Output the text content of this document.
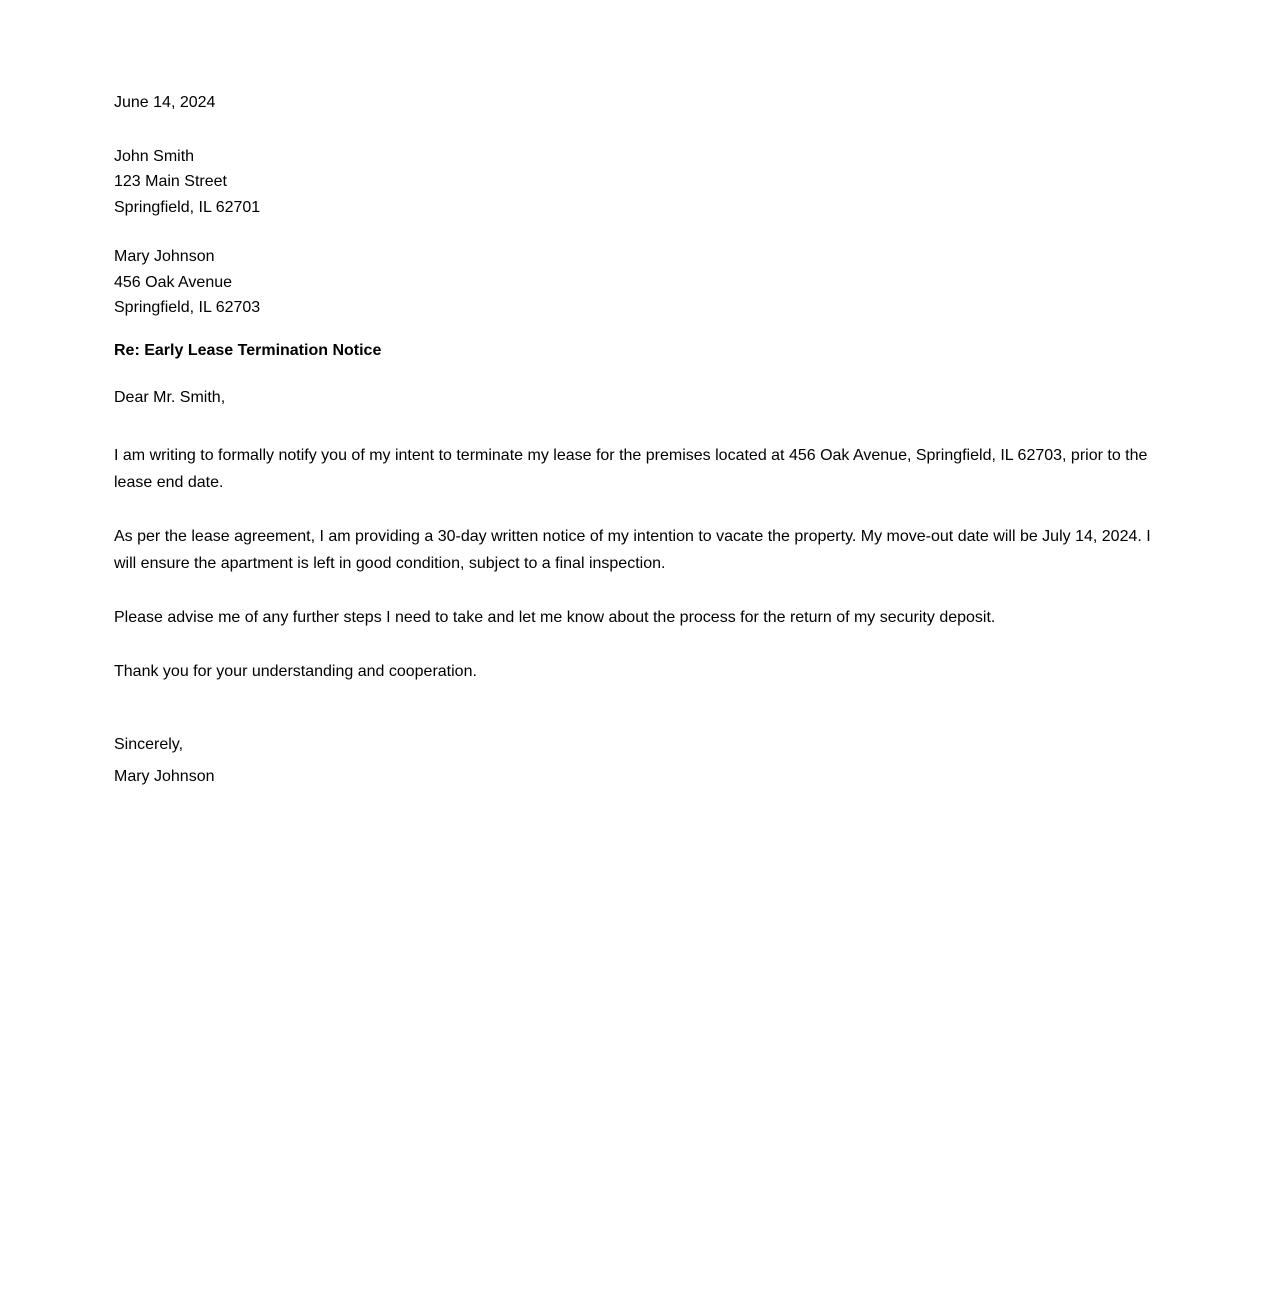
June 14, 2024
John Smith
123 Main Street
Springfield, IL 62701
Mary Johnson
456 Oak Avenue
Springfield, IL 62703
Re: Early Lease Termination Notice
Dear Mr. Smith,

I am writing to formally notify you of my intent to terminate my lease for the premises located at 456 Oak Avenue, Springfield, IL 62703, prior to the lease end date.

As per the lease agreement, I am providing a 30-day written notice of my intention to vacate the property. My move-out date will be July 14, 2024. I will ensure the apartment is left in good condition, subject to a final inspection.

Please advise me of any further steps I need to take and let me know about the process for the return of my security deposit.

Thank you for your understanding and cooperation.

Sincerely,
Mary Johnson
